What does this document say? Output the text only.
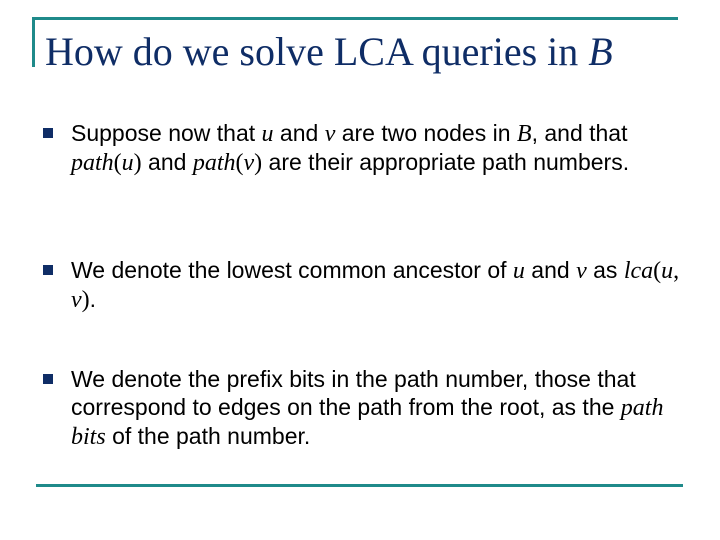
How do we solve LCA queries in B
Suppose now that u and v are two nodes in B, and that path(u) and path(v) are their appropriate path numbers.
We denote the lowest common ancestor of u and v as lca(u, v).
We denote the prefix bits in the path number, those that correspond to edges on the path from the root, as the path bits of the path number.
